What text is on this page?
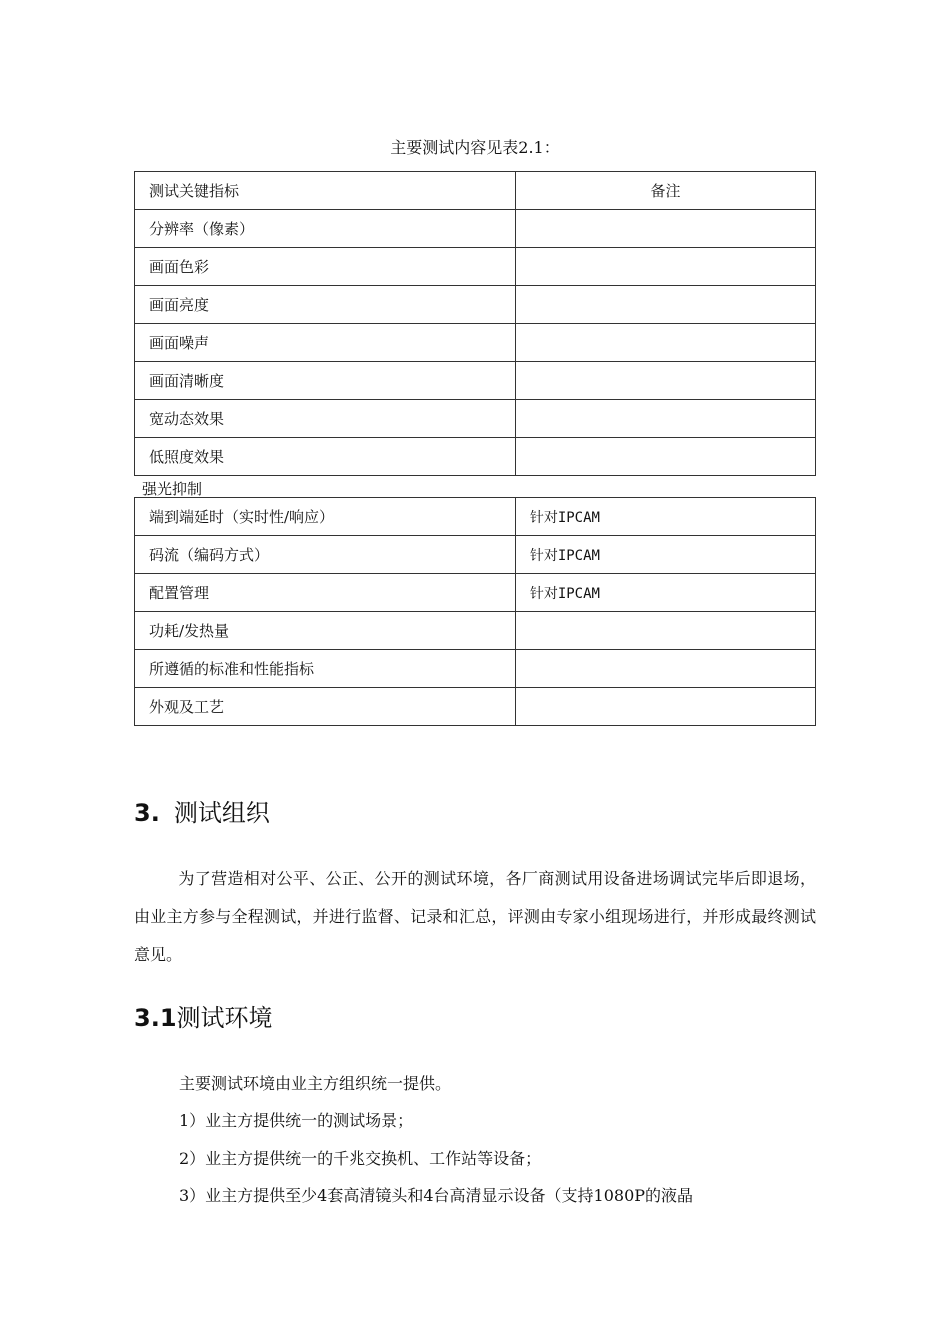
主要测试内容见表2.1：
测试关键指标	备注
分辨率（像素）	
画面色彩	
画面亮度	
画面噪声	
画面清晰度	
宽动态效果	
低照度效果	
强光抑制
端到端延时（实时性/响应）	针对IPCAM
码流（编码方式）	针对IPCAM
配置管理	针对IPCAM
功耗/发热量	
所遵循的标准和性能指标	
外观及工艺	
3. 测试组织
为了营造相对公平、公正、公开的测试环境，各厂商测试用设备进场调试完毕后即退场，由业主方参与全程测试，并进行监督、记录和汇总，评测由专家小组现场进行，并形成最终测试意见。
3.1测试环境
主要测试环境由业主方组织统一提供。
1）业主方提供统一的测试场景；
2）业主方提供统一的千兆交换机、工作站等设备；
3）业主方提供至少4套高清镜头和4台高清显示设备（支持1080P的液晶
